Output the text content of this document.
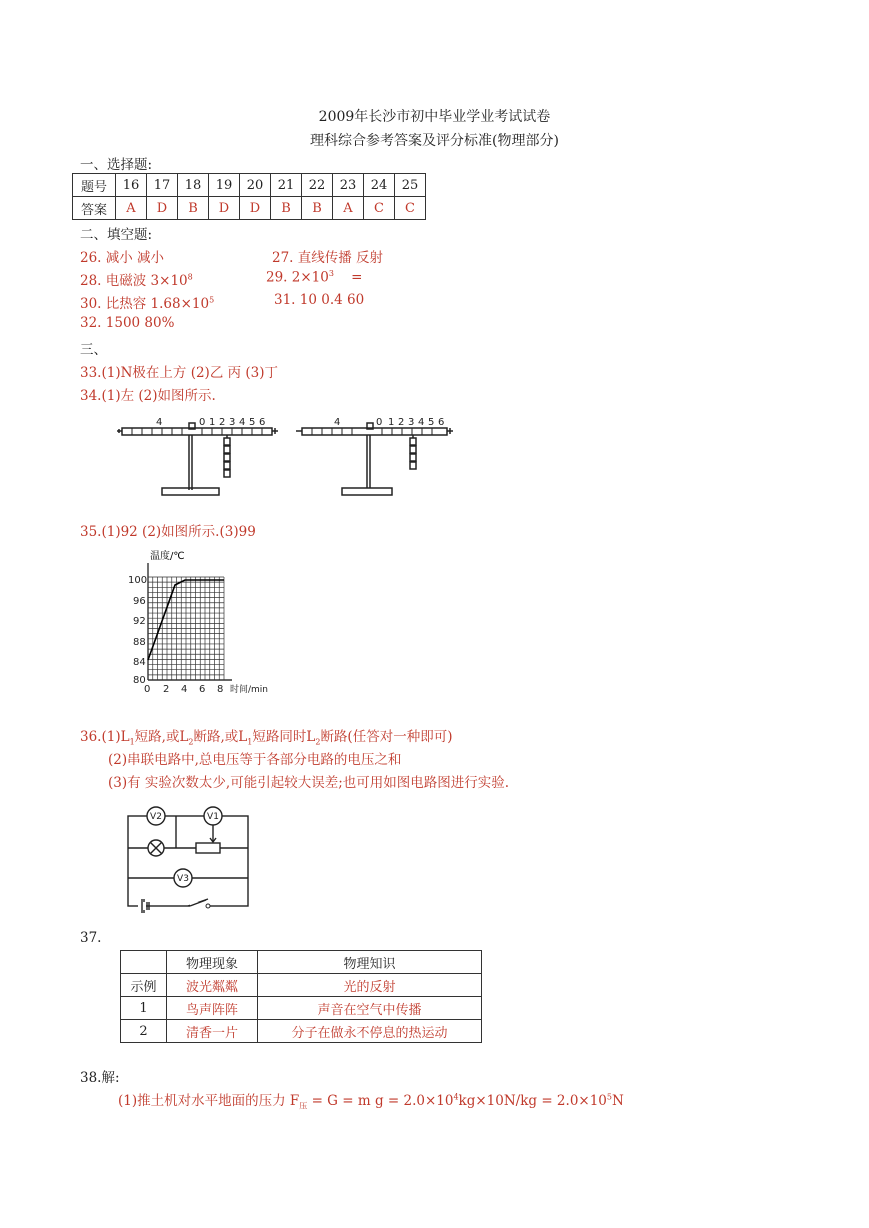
2009年长沙市初中毕业学业考试试卷
理科综合参考答案及评分标准(物理部分)
一、选择题:
题号	16	17	18	19	20	21	22	23	24	25
答案	A	D	B	D	D	B	B	A	C	C
二、填空题:
26. 减小 减小	27. 直线传播 反射
28. 电磁波 $3\times 10^8$	29. $2\times 10^3$ =
30. 比热容 $1.68\times 10^5$	31. 10 0.4 60
32. 1500 80%
三、
33.(1)N极在上方 (2)乙 丙 (3)丁
34.(1)左 (2)如图所示.
4	0 1 2 3 4 5 6	4	0 1 2 3 4 5 6
35.(1)92 (2)如图所示.(3)99
温度/℃
100
96
92
88
84
80
0 2 4 6 8 时间/min
$36.(1)L_1$短路,或$L_2$断路,或$L_1$短路同时$L_2$断路(任答对一种即可)
(2)串联电路中,总电压等于各部分电路的电压之和
(3)有 实验次数太少,可能引起较大误差;也可用如图电路图进行实验.
V2	V1
V3
37.
	物理现象	物理知识
示例	波光粼粼	光的反射
1	鸟声阵阵	声音在空气中传播
2	清香一片	分子在做永不停息的热运动
38.解:
(1)推土机对水平地面的压力 $F_压 = G = m$ $g = 2.0\times 10^4kg\times 10N/kg = 2.0\times 10^5N$
